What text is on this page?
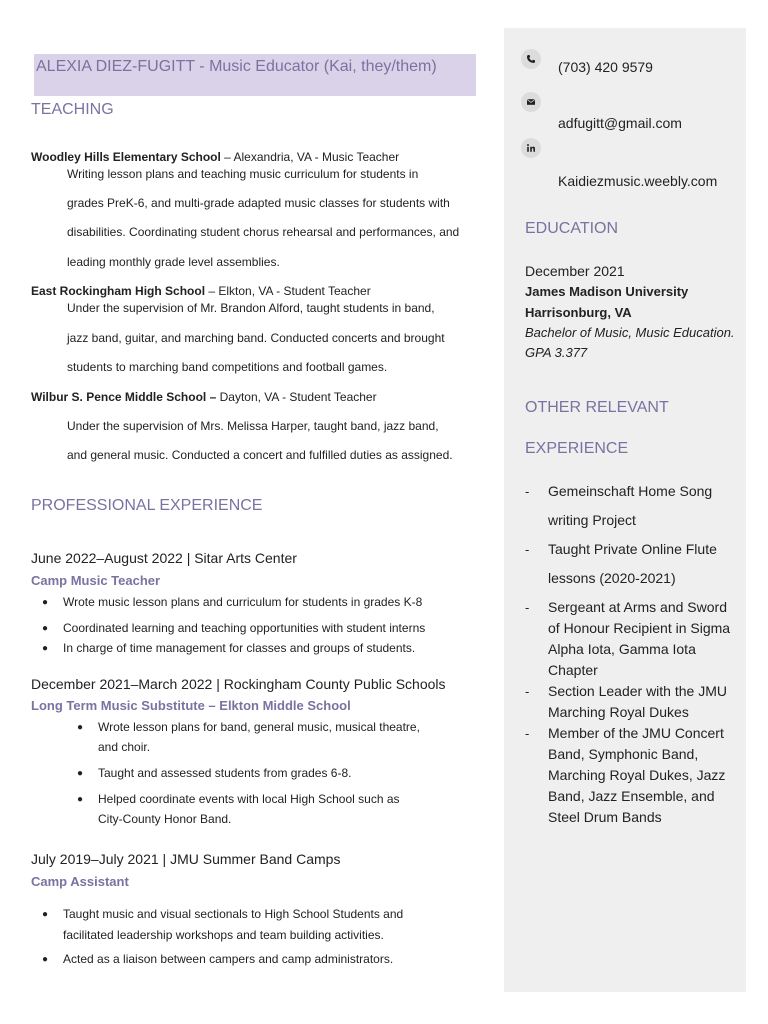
ALEXIA DIEZ-FUGITT - Music Educator (Kai, they/them)
TEACHING
Woodley Hills Elementary School – Alexandria, VA - Music Teacher
Writing lesson plans and teaching music curriculum for students in
grades PreK-6, and multi-grade adapted music classes for students with
disabilities. Coordinating student chorus rehearsal and performances, and
leading monthly grade level assemblies.
East Rockingham High School – Elkton, VA - Student Teacher
Under the supervision of Mr. Brandon Alford, taught students in band,
jazz band, guitar, and marching band. Conducted concerts and brought
students to marching band competitions and football games.
Wilbur S. Pence Middle School – Dayton, VA - Student Teacher
Under the supervision of Mrs. Melissa Harper, taught band, jazz band,
and general music. Conducted a concert and fulfilled duties as assigned.
PROFESSIONAL EXPERIENCE
June 2022–August 2022 | Sitar Arts Center
Camp Music Teacher
● Wrote music lesson plans and curriculum for students in grades K-8
● Coordinated learning and teaching opportunities with student interns
● In charge of time management for classes and groups of students.
December 2021–March 2022 | Rockingham County Public Schools
Long Term Music Substitute – Elkton Middle School
● Wrote lesson plans for band, general music, musical theatre,
and choir.
● Taught and assessed students from grades 6-8.
● Helped coordinate events with local High School such as
City-County Honor Band.
July 2019–July 2021 | JMU Summer Band Camps
Camp Assistant
● Taught music and visual sectionals to High School Students and
facilitated leadership workshops and team building activities.
● Acted as a liaison between campers and camp administrators.
(703) 420 9579
adfugitt@gmail.com
Kaidiezmusic.weebly.com
EDUCATION
December 2021
James Madison University
Harrisonburg, VA
Bachelor of Music, Music Education.
GPA 3.377
OTHER RELEVANT
EXPERIENCE
- Gemeinschaft Home Song
writing Project
- Taught Private Online Flute
lessons (2020-2021)
- Sergeant at Arms and Sword
of Honour Recipient in Sigma
Alpha Iota, Gamma Iota
Chapter
- Section Leader with the JMU
Marching Royal Dukes
- Member of the JMU Concert
Band, Symphonic Band,
Marching Royal Dukes, Jazz
Band, Jazz Ensemble, and
Steel Drum Bands
